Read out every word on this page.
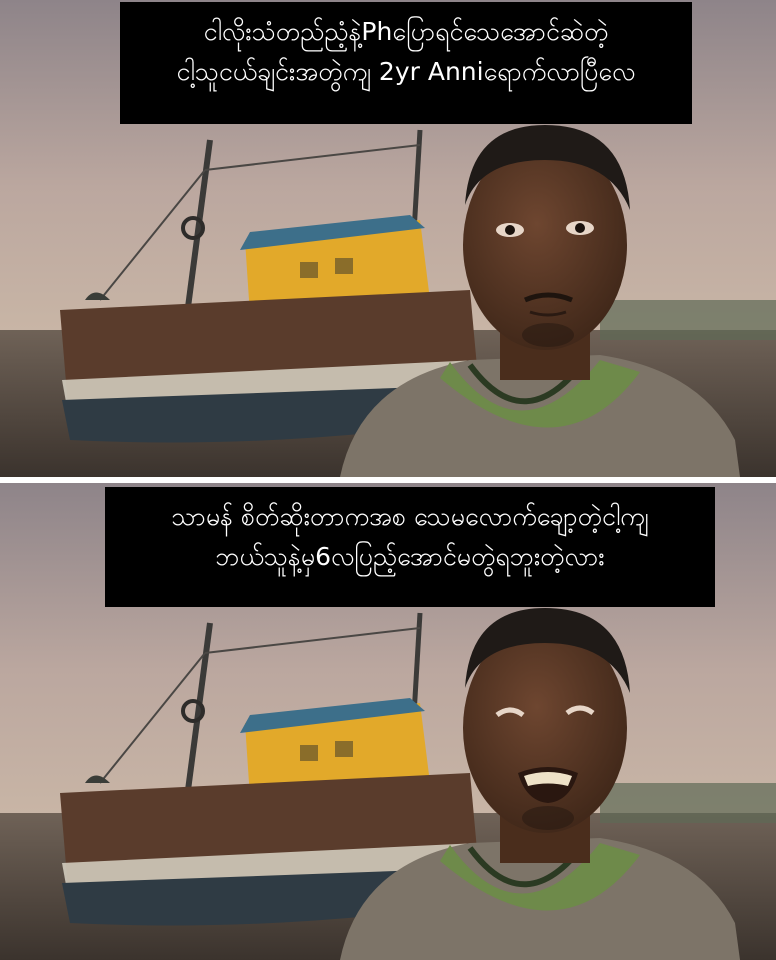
ငါလိုးသံတည်ညံ့နဲ့Phပြောရင်သေအောင်ဆဲတဲ့
ငါ့သူငယ်ချင်းအတွဲကျ 2yr Anniရောက်လာပြီလေ
သာမန် စိတ်ဆိုးတာကအစ သေမလောက်ချော့တဲ့ငါ့ကျ
ဘယ်သူနဲ့မှ6လပြည့်အောင်မတွဲရဘူးတဲ့လား
